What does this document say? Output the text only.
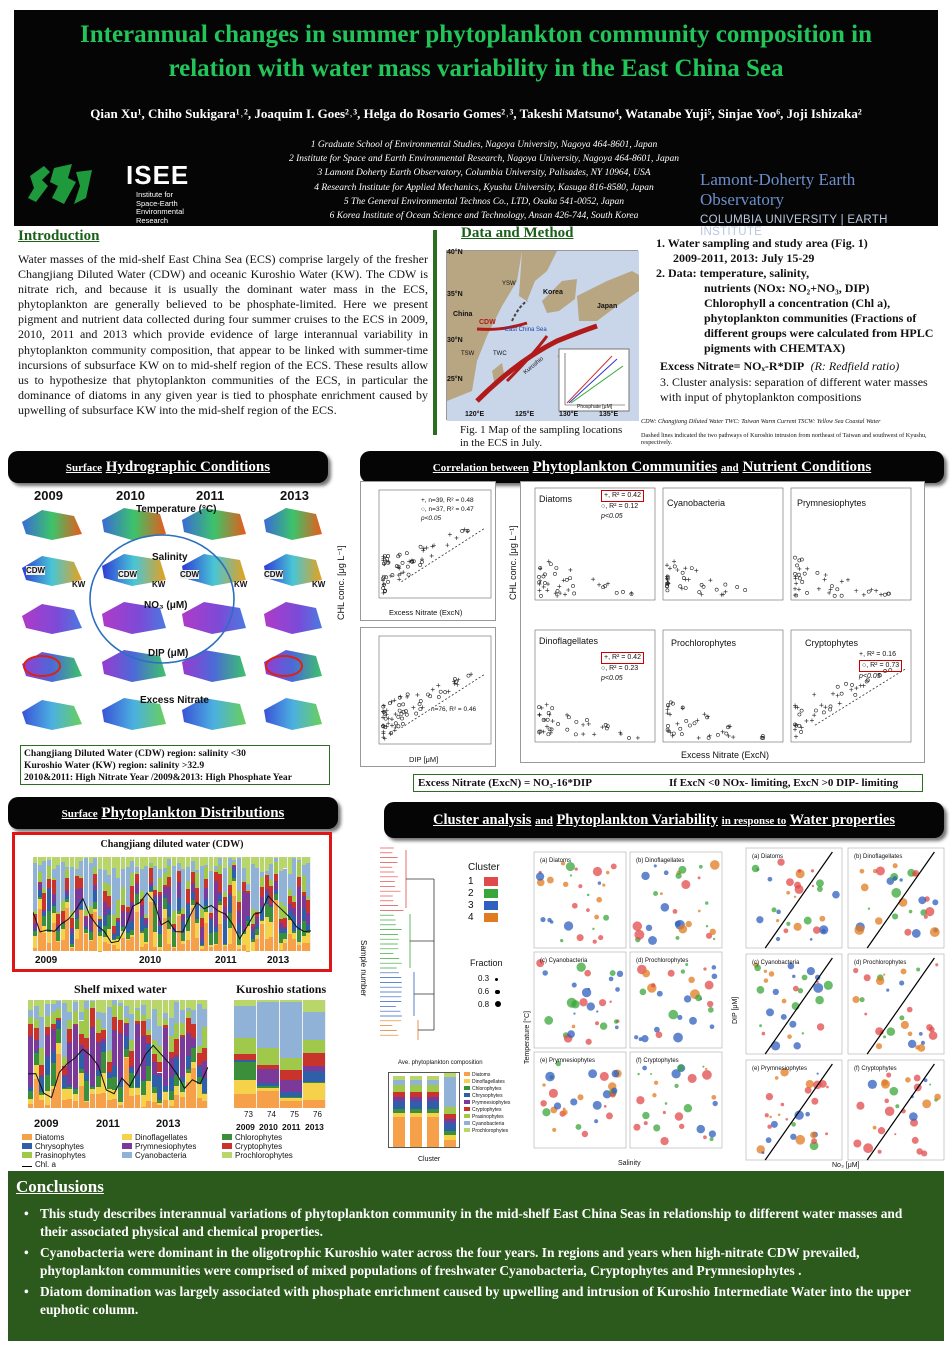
Interannual changes in summer phytoplankton community composition in
relation with water mass variability in the East China Sea
Qian Xu¹, Chiho Sukigara¹˒², Joaquim I. Goes²˒³, Helga do Rosario Gomes²˒³, Takeshi Matsuno⁴, Watanabe Yuji⁵, Sinjae Yoo⁶, Joji Ishizaka²
1 Graduate School of Environmental Studies, Nagoya University, Nagoya 464-8601, Japan
2 Institute for Space and Earth Environmental Research, Nagoya University, Nagoya 464-8601, Japan
3 Lamont Doherty Earth Observatory, Columbia University, Palisades, NY 10964, USA
4 Research Institute for Applied Mechanics, Kyushu University, Kasuga 816-8580, Japan
5 The General Environmental Technos Co., LTD, Osaka 541-0052, Japan
6 Korea Institute of Ocean Science and Technology, Ansan 426-744, South Korea
ISEE
Institute for
Space-Earth
Environmental
Research
Lamont-Doherty Earth Observatory
COLUMBIA UNIVERSITY | EARTH INSTITUTE
Introduction
Water masses of the mid-shelf East China Sea (ECS) comprise largely of the fresher Changjiang Diluted Water (CDW) and oceanic Kuroshio Water (KW). The CDW is nitrate rich, and because it is usually the dominant water mass in the ECS, phytoplankton are generally believed to be phosphate-limited. Here we present pigment and nutrient data collected during four summer cruises to the ECS in 2009, 2010, 2011 and 2013 which provide evidence of large interannual variability in phytoplankton community composition, that appear to be linked with summer-time incursions of subsurface KW on to mid-shelf region of the ECS. These results allow us to hypothesize that phytoplankton communities of the ECS, in particular the dominance of diatoms in any given year is tied to phosphate enrichment caused by upwelling of subsurface KW into the mid-shelf region of the ECS.
Data and Method
40°N
35°N
30°N
25°N
120°E	125°E	130°E	135°E
China
Korea
Japan
CDW
East China Sea
Kuroshio
YSW
TSW	TWC
Phosphate [μM]
Fig. 1 Map of the sampling locations in the ECS in July.
1. Water sampling and study area (Fig. 1)
2009-2011, 2013: July 15-29
2. Data: temperature, salinity,
nutrients (NOx: NO₂+NO₃, DIP)
Chlorophyll a concentration (Chl a),
phytoplankton communities (Fractions of different groups were calculated from HPLC pigments with CHEMTAX)
Excess Nitrate= NOₓ-R*DIP (R: Redfield ratio)
3. Cluster analysis: separation of different water masses with input of phytoplankton compositions
CDW: Changjiang Diluted Water TWC: Taiwan Warm Current TSCW: Yellow Sea Coastal Water
Dashed lines indicated the two pathways of Kuroshio intrusion from northeast of Taiwan and southwest of Kyushu, respectively.
Surface Hydrographic Conditions
2009	2010	2011	2013
Temperature (°C)
Salinity
NO₃ (μM)
DIP (μM)
Excess Nitrate
CDW
KW
CDW
KW
CDW
KW
CDW
KW
Changjiang Diluted Water (CDW) region: salinity <30
Kuroshio Water (KW) region: salinity >32.9
2010&2011: High Nitrate Year /2009&2013: High Phosphate Year
Correlation between Phytoplankton Communities and Nutrient Conditions
+, n=39, R² = 0.48
○, n=37, R² = 0.47
p<0.05
Excess Nitrate (ExcN)
CHL conc. [μg L⁻¹]
n=76, R² = 0.46
DIP [μM]
CHL conc. [μg L⁻¹]
Diatoms	+, R² = 0.42
○, R² = 0.12
p<0.05
Cyanobacteria	Prymnesiophytes
Dinoflagellates
+, R² = 0.42
○, R² = 0.23
p<0.05
Prochlorophytes	Cryptophytes
+, R² = 0.16
○, R² = 0.73
p<0.05
Excess Nitrate (ExcN)
Excess Nitrate (ExcN) = NO₃-16*DIP	If ExcN <0 NOx- limiting, ExcN >0 DIP- limiting
Surface Phytoplankton Distributions
Changjiang diluted water (CDW)
2009	2010	2011	2013
Shelf mixed water
2009	2011	2013
Kuroshio stations
73 74 75 76
2009 2010 2011 2013
Diatoms	Dinoflagellates	Chlorophytes
Chrysophytes	Prymnesiophytes	Cryptophytes
Prasinophytes	Cyanobacteria	Prochlorophytes
Chl. a
Cluster analysis and Phytoplankton Variability in response to Water properties
Sample number
Cluster
1
2
3
4
Fraction
0.3
0.6
0.8
Ave. phytoplankton composition
Diatoms
Dinoflagellates
Chlorophytes
Chrysophytes
Prymnesiophytes
Cryptophytes
Prasinophytes
Cyanobacteria
Prochlorophytes
Cluster
(a) Diatoms	(b) Dinoflagellates
(c) Cyanobacteria	(d) Prochlorophytes
(e) Prymnesiophytes	(f) Cryptophytes
Salinity
Temperature [°C]
(a) Diatoms	(b) Dinoflagellates
(c) Cyanobacteria	(d) Prochlorophytes
(e) Prymnesiophytes	(f) Cryptophytes
No₃ [μM]
DIP [μM]
Conclusions
• This study describes interannual variations of phytoplankton community in the mid-shelf East China Seas in relationship to different water masses and their associated physical and chemical properties.
• Cyanobacteria were dominant in the oligotrophic Kuroshio water across the four years. In regions and years when high-nitrate CDW prevailed, phytoplankton communities were comprised of mixed populations of freshwater Cyanobacteria, Cryptophytes and Prymnesiophytes .
• Diatom domination was largely associated with phosphate enrichment caused by upwelling and intrusion of Kuroshio Intermediate Water into the upper euphotic column.
